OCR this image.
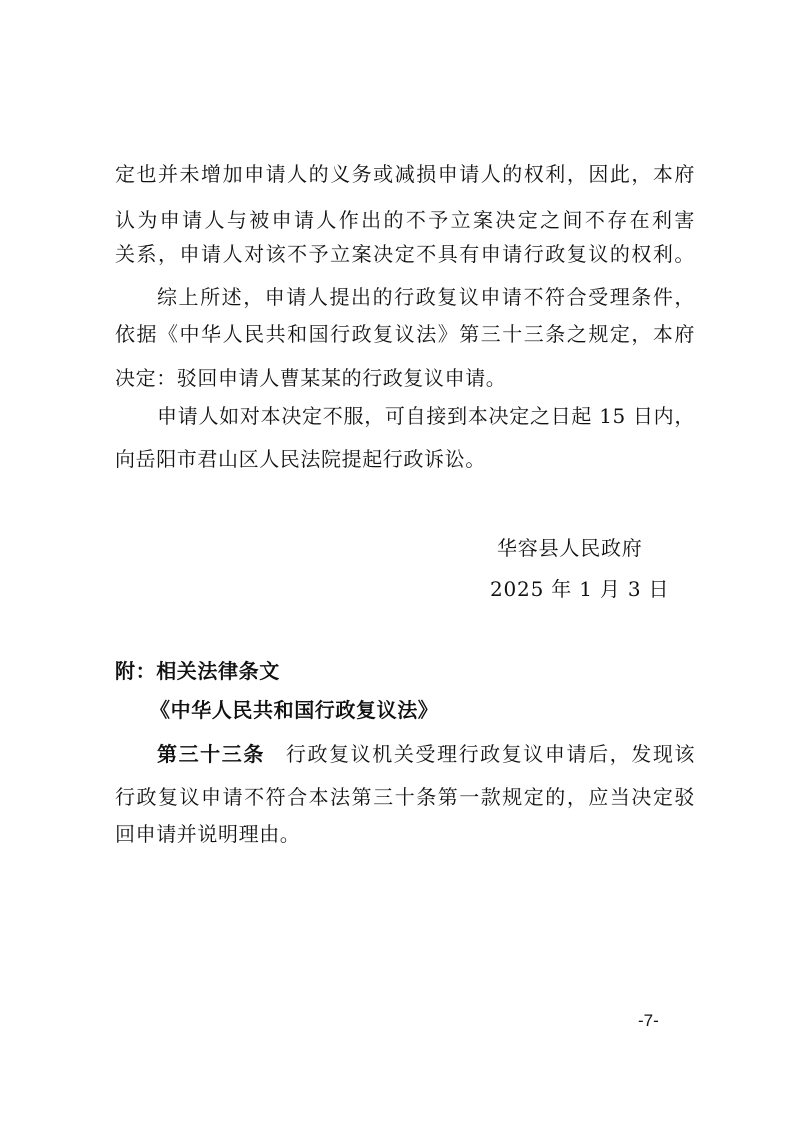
定也并未增加申请人的义务或减损申请人的权利，因此，本府
认为申请人与被申请人作出的不予立案决定之间不存在利害
关系，申请人对该不予立案决定不具有申请行政复议的权利。
综上所述，申请人提出的行政复议申请不符合受理条件，
依据《中华人民共和国行政复议法》第三十三条之规定，本府
决定：驳回申请人曹某某的行政复议申请。
申请人如对本决定不服，可自接到本决定之日起 15 日内，
向岳阳市君山区人民法院提起行政诉讼。
华容县人民政府
2025 年 1 月 3 日
附：相关法律条文
《中华人民共和国行政复议法》
第三十三条 行政复议机关受理行政复议申请后，发现该
行政复议申请不符合本法第三十条第一款规定的，应当决定驳
回申请并说明理由。
-7-
